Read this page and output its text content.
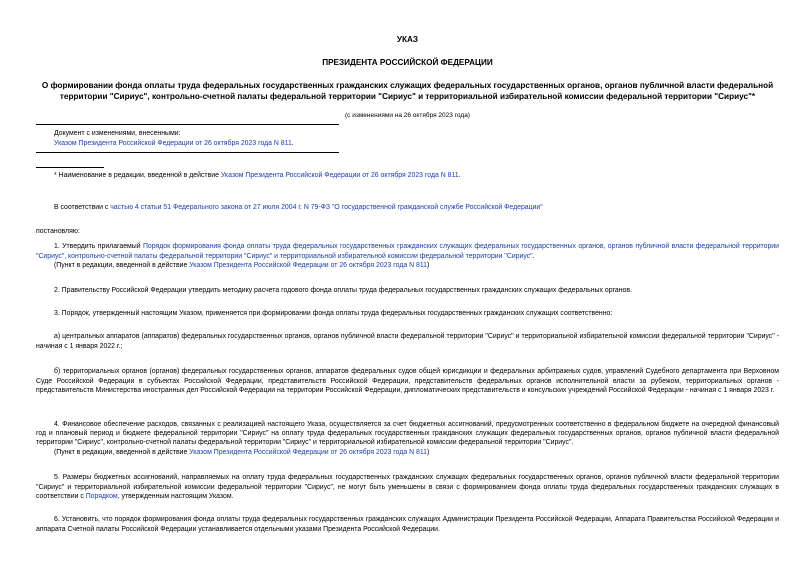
УКАЗ
ПРЕЗИДЕНТА РОССИЙСКОЙ ФЕДЕРАЦИИ
О формировании фонда оплаты труда федеральных государственных гражданских служащих федеральных государственных органов, органов публичной власти федеральной территории "Сириус", контрольно-счетной палаты федеральной территории "Сириус" и территориальной избирательной комиссии федеральной территории "Сириус"*
(с изменениями на 26 октября 2023 года)
Документ с изменениями, внесенными:
Указом Президента Российской Федерации от 26 октября 2023 года N 811.
* Наименование в редакции, введенной в действие Указом Президента Российской Федерации от 26 октября 2023 года N 811.
В соответствии с частью 4 статьи 51 Федерального закона от 27 июля 2004 г. N 79-ФЗ "О государственной гражданской службе Российской Федерации"
постановляю:
1. Утвердить прилагаемый Порядок формирования фонда оплаты труда федеральных государственных гражданских служащих федеральных государственных органов, органов публичной власти федеральной территории "Сириус", контрольно-счетной палаты федеральной территории "Сириус" и территориальной избирательной комиссии федеральной территории "Сириус".
(Пункт в редакции, введенной в действие Указом Президента Российской Федерации от 26 октября 2023 года N 811)
2. Правительству Российской Федерации утвердить методику расчета годового фонда оплаты труда федеральных государственных гражданских служащих федеральных органов.
3. Порядок, утвержденный настоящим Указом, применяется при формировании фонда оплаты труда федеральных государственных гражданских служащих соответственно:
а) центральных аппаратов (аппаратов) федеральных государственных органов, органов публичной власти федеральной территории "Сириус" и территориальной избирательной комиссии федеральной территории "Сириус" - начиная с 1 января 2022 г.;
б) территориальных органов (органов) федеральных государственных органов, аппаратов федеральных судов общей юрисдикции и федеральных арбитражных судов, управлений Судебного департамента при Верховном Суде Российской Федерации в субъектах Российской Федерации, представительств Российской Федерации, представительств федеральных органов исполнительной власти за рубежом, территориальных органов - представительств Министерства иностранных дел Российской Федерации на территории Российской Федерации, дипломатических представительств и консульских учреждений Российской Федерации - начиная с 1 января 2023 г.
4. Финансовое обеспечение расходов, связанных с реализацией настоящего Указа, осуществляется за счет бюджетных ассигнований, предусмотренных соответственно в федеральном бюджете на очередной финансовый год и плановый период и бюджете федеральной территории "Сириус" на оплату труда федеральных государственных гражданских служащих федеральных государственных органов, органов публичной власти федеральной территории "Сириус", контрольно-счетной палаты федеральной территории "Сириус" и территориальной избирательной комиссии федеральной территории "Сириус".
(Пункт в редакции, введенной в действие Указом Президента Российской Федерации от 26 октября 2023 года N 811)
5. Размеры бюджетных ассигнований, направляемых на оплату труда федеральных государственных гражданских служащих федеральных государственных органов, органов публичной власти федеральной территории "Сириус" и территориальной избирательной комиссии федеральной территории "Сириус", не могут быть уменьшены в связи с формированием фонда оплаты труда федеральных государственных гражданских служащих в соответствии с Порядком, утвержденным настоящим Указом.
6. Установить, что порядок формирования фонда оплаты труда федеральных государственных гражданских служащих Администрации Президента Российской Федерации, Аппарата Правительства Российской Федерации и аппарата Счетной палаты Российской Федерации устанавливается отдельными указами Президента Российской Федерации.
